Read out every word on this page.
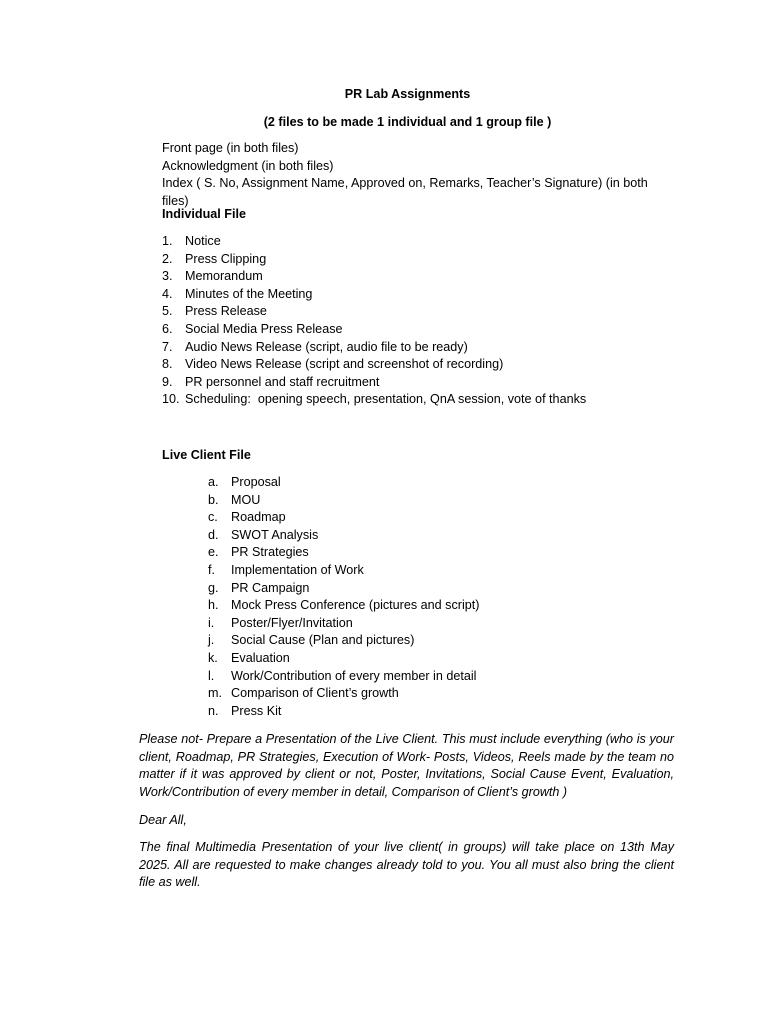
PR Lab Assignments
(2 files to be made 1 individual and 1 group file )
Front page (in both files)
Acknowledgment (in both files)
Index ( S. No, Assignment Name, Approved on, Remarks, Teacher’s Signature) (in both files)
Individual File
1. Notice
2. Press Clipping
3. Memorandum
4. Minutes of the Meeting
5. Press Release
6. Social Media Press Release
7. Audio News Release (script, audio file to be ready)
8. Video News Release (script and screenshot of recording)
9. PR personnel and staff recruitment
10. Scheduling:  opening speech, presentation, QnA session, vote of thanks
Live Client File
a. Proposal
b. MOU
c.	Roadmap
d. SWOT Analysis
e. PR Strategies
f.	Implementation of Work
g. PR Campaign
h. Mock Press Conference (pictures and script)
i.	Poster/Flyer/Invitation
j.	Social Cause (Plan and pictures)
k.	Evaluation
l.	Work/Contribution of every member in detail
m. Comparison of Client’s growth
n. Press Kit
Please not- Prepare a Presentation of the Live Client. This must include everything (who is your client, Roadmap, PR Strategies, Execution of Work- Posts, Videos, Reels made by the team no matter if it was approved by client or not, Poster, Invitations, Social Cause Event, Evaluation, Work/Contribution of every member in detail, Comparison of Client’s growth )
Dear All,
The final Multimedia Presentation of your live client( in groups) will take place on 13th May 2025. All are requested to make changes already told to you. You all must also bring the client file as well.
